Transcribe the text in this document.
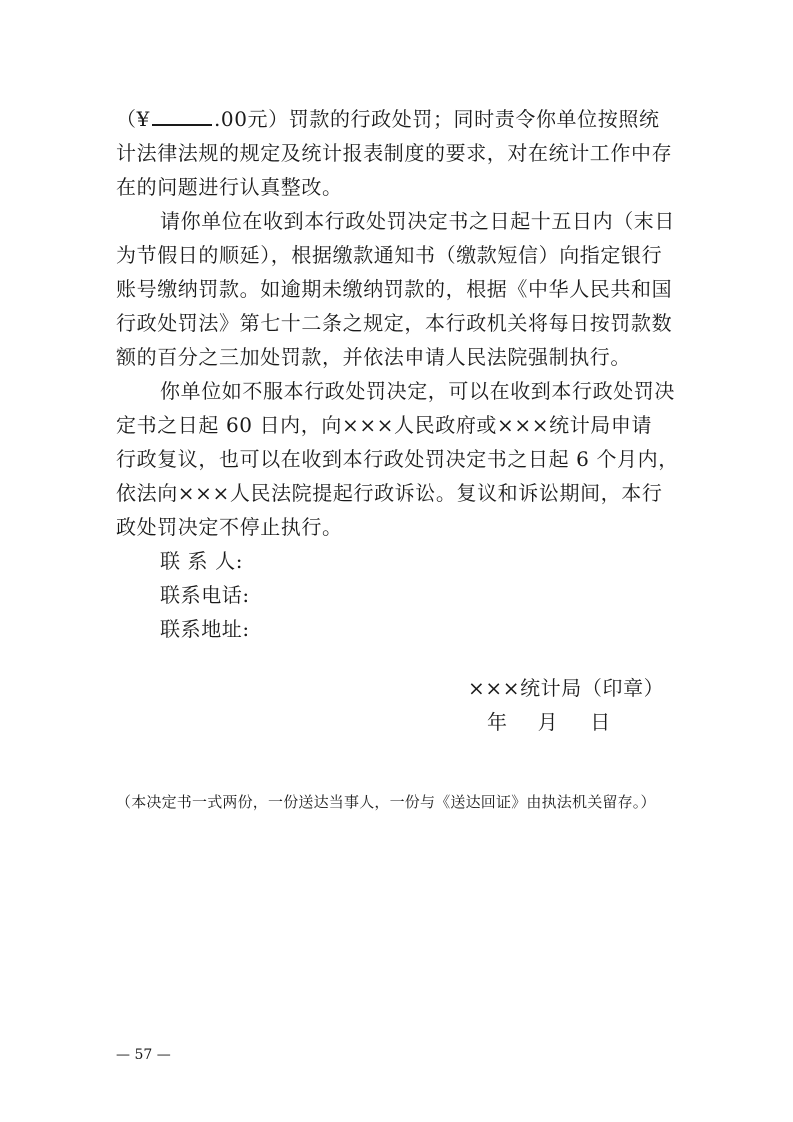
（¥	.00元）罚款的行政处罚；同时责令你单位按照统
计法律法规的规定及统计报表制度的要求，对在统计工作中存
在的问题进行认真整改。
请你单位在收到本行政处罚决定书之日起十五日内（末日
为节假日的顺延），根据缴款通知书（缴款短信）向指定银行
账号缴纳罚款。如逾期未缴纳罚款的，根据《中华人民共和国
行政处罚法》第七十二条之规定，本行政机关将每日按罚款数
额的百分之三加处罚款，并依法申请人民法院强制执行。
你单位如不服本行政处罚决定，可以在收到本行政处罚决
定书之日起 60 日内，向×××人民政府或×××统计局申请
行政复议，也可以在收到本行政处罚决定书之日起 6 个月内，
依法向×××人民法院提起行政诉讼。复议和诉讼期间，本行
政处罚决定不停止执行。
联 系 人:
联系电话:
联系地址:
×××统计局（印章）
年 月 日
（本决定书一式两份，一份送达当事人，一份与《送达回证》由执法机关留存。）
— 57 —
